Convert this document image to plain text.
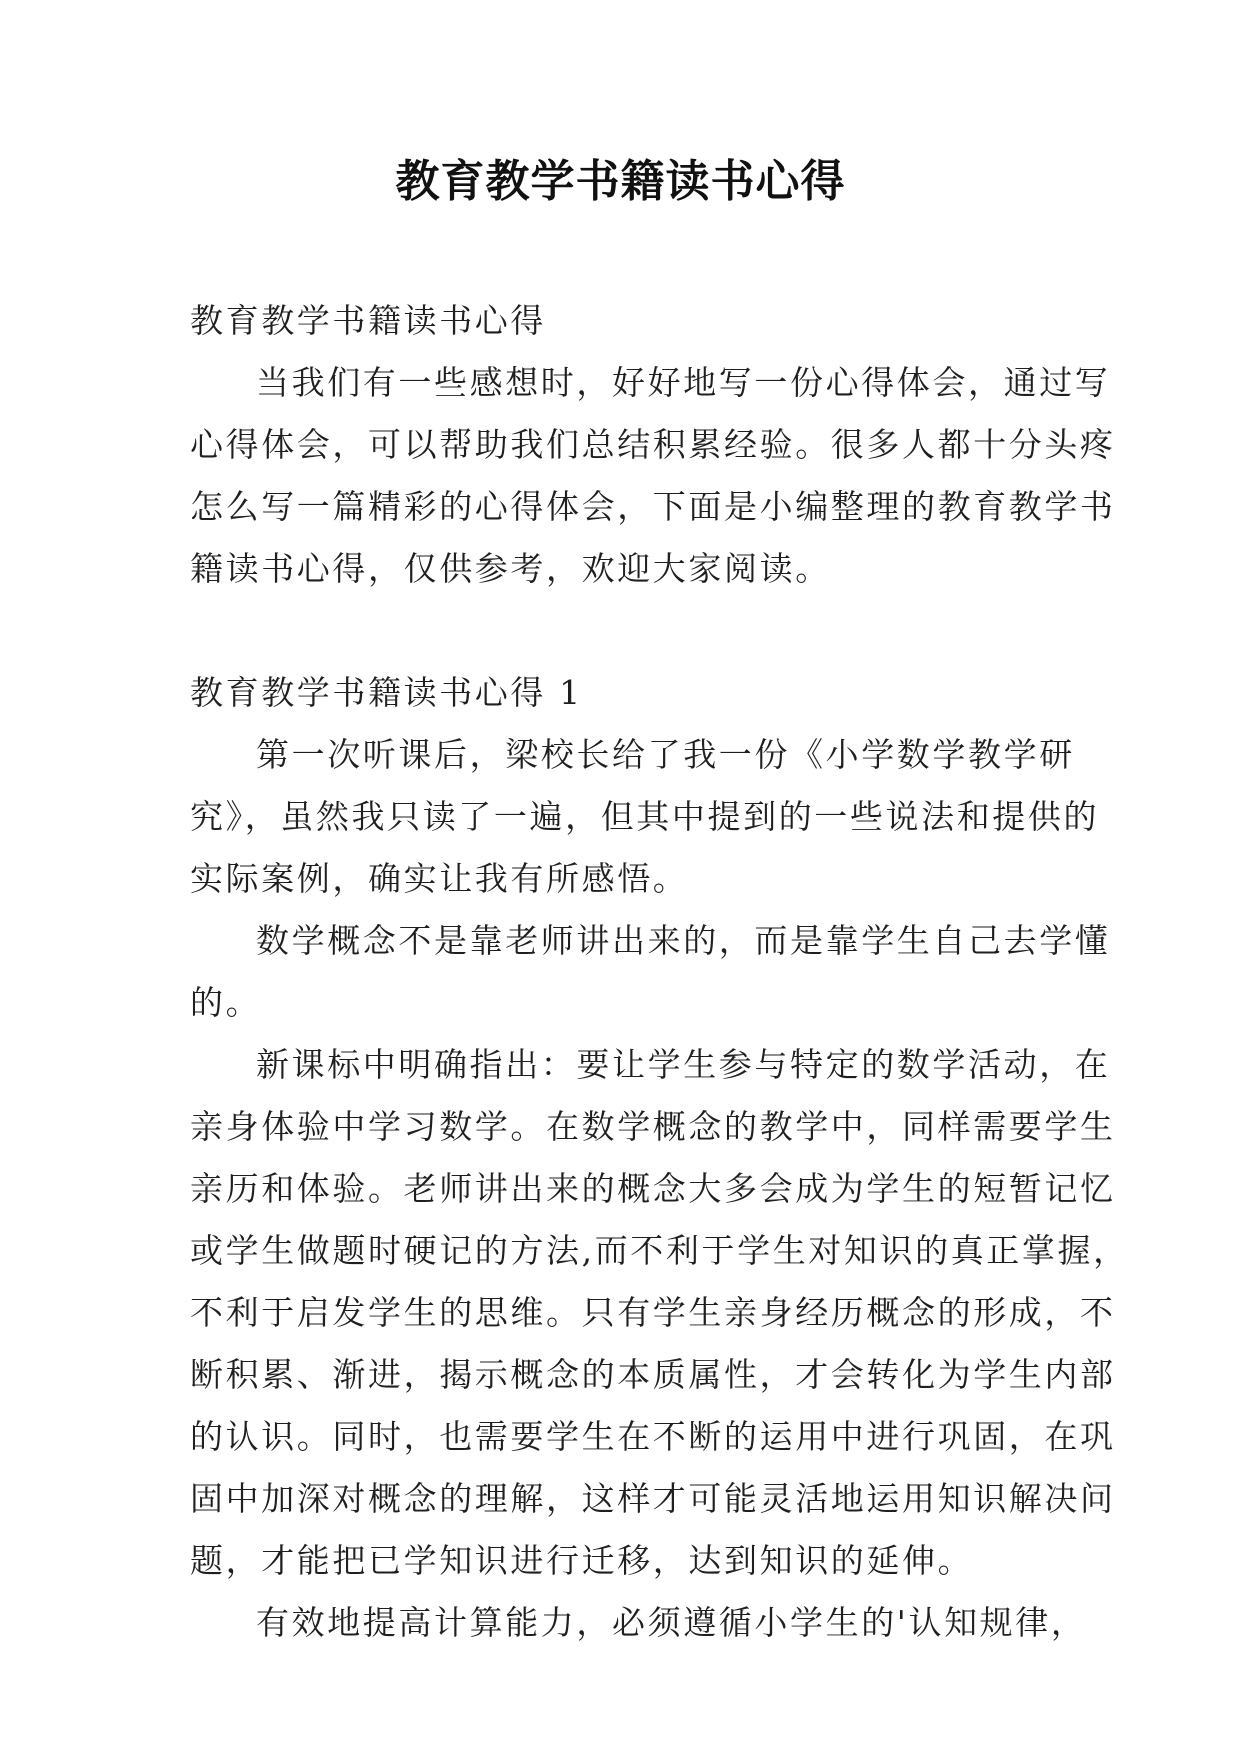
教育教学书籍读书心得
教育教学书籍读书心得
当我们有一些感想时，好好地写一份心得体会，通过写
心得体会，可以帮助我们总结积累经验。很多人都十分头疼
怎么写一篇精彩的心得体会，下面是小编整理的教育教学书
籍读书心得，仅供参考，欢迎大家阅读。
教育教学书籍读书心得 1
第一次听课后，梁校长给了我一份《小学数学教学研
究》，虽然我只读了一遍，但其中提到的一些说法和提供的
实际案例，确实让我有所感悟。
数学概念不是靠老师讲出来的，而是靠学生自己去学懂
的。
新课标中明确指出：要让学生参与特定的数学活动，在
亲身体验中学习数学。在数学概念的教学中，同样需要学生
亲历和体验。老师讲出来的概念大多会成为学生的短暂记忆
或学生做题时硬记的方法,而不利于学生对知识的真正掌握，
不利于启发学生的思维。只有学生亲身经历概念的形成，不
断积累、渐进，揭示概念的本质属性，才会转化为学生内部
的认识。同时，也需要学生在不断的运用中进行巩固，在巩
固中加深对概念的理解，这样才可能灵活地运用知识解决问
题，才能把已学知识进行迁移，达到知识的延伸。
有效地提高计算能力，必须遵循小学生的'认知规律，
